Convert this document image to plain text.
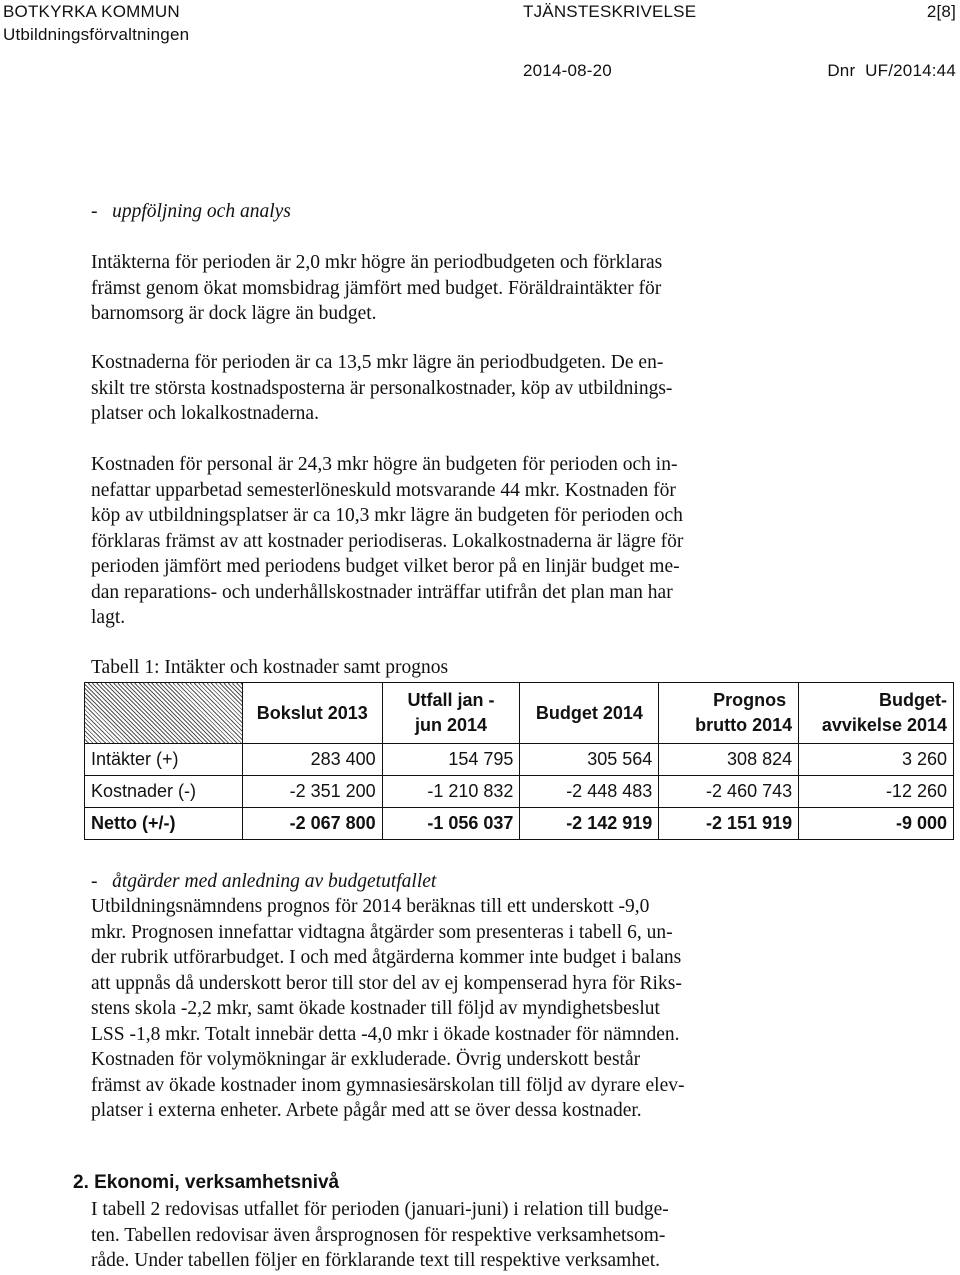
BOTKYRKA KOMMUN
Utbildningsförvaltningen
TJÄNSTESKRIVELSE	2[8]
2014-08-20	Dnr  UF/2014:44
-   uppföljning och analys
Intäkterna för perioden är 2,0 mkr högre än periodbudgeten och förklaras
främst genom ökat momsbidrag jämfört med budget. Föräldraintäkter för
barnomsorg är dock lägre än budget.
Kostnaderna för perioden är ca 13,5 mkr lägre än periodbudgeten. De en-
skilt tre största kostnadsposterna är personalkostnader, köp av utbildnings-
platser och lokalkostnaderna.
Kostnaden för personal är 24,3 mkr högre än budgeten för perioden och in-
nefattar upparbetad semesterlöneskuld motsvarande 44 mkr. Kostnaden för
köp av utbildningsplatser är ca 10,3 mkr lägre än budgeten för perioden och
förklaras främst av att kostnader periodiseras. Lokalkostnaderna är lägre för
perioden jämfört med periodens budget vilket beror på en linjär budget me-
dan reparations- och underhållskostnader inträffar utifrån det plan man har
lagt.
Tabell 1: Intäkter och kostnader samt prognos
	Bokslut 2013	Utfall jan -
jun 2014	Budget 2014	Prognos
brutto 2014	Budget-
avvikelse 2014
Intäkter (+)	283 400	154 795	305 564	308 824	3 260
Kostnader (-)	-2 351 200	-1 210 832	-2 448 483	-2 460 743	-12 260
Netto (+/-)	-2 067 800	-1 056 037	-2 142 919	-2 151 919	-9 000
-   åtgärder med anledning av budgetutfallet
Utbildningsnämndens prognos för 2014 beräknas till ett underskott -9,0
mkr. Prognosen innefattar vidtagna åtgärder som presenteras i tabell 6, un-
der rubrik utförarbudget. I och med åtgärderna kommer inte budget i balans
att uppnås då underskott beror till stor del av ej kompenserad hyra för Riks-
stens skola -2,2 mkr, samt ökade kostnader till följd av myndighetsbeslut
LSS -1,8 mkr. Totalt innebär detta -4,0 mkr i ökade kostnader för nämnden.
Kostnaden för volymökningar är exkluderade. Övrig underskott består
främst av ökade kostnader inom gymnasiesärskolan till följd av dyrare elev-
platser i externa enheter. Arbete pågår med att se över dessa kostnader.
2. Ekonomi, verksamhetsnivå
I tabell 2 redovisas utfallet för perioden (januari-juni) i relation till budge-
ten. Tabellen redovisar även årsprognosen för respektive verksamhetsom-
råde. Under tabellen följer en förklarande text till respektive verksamhet.
